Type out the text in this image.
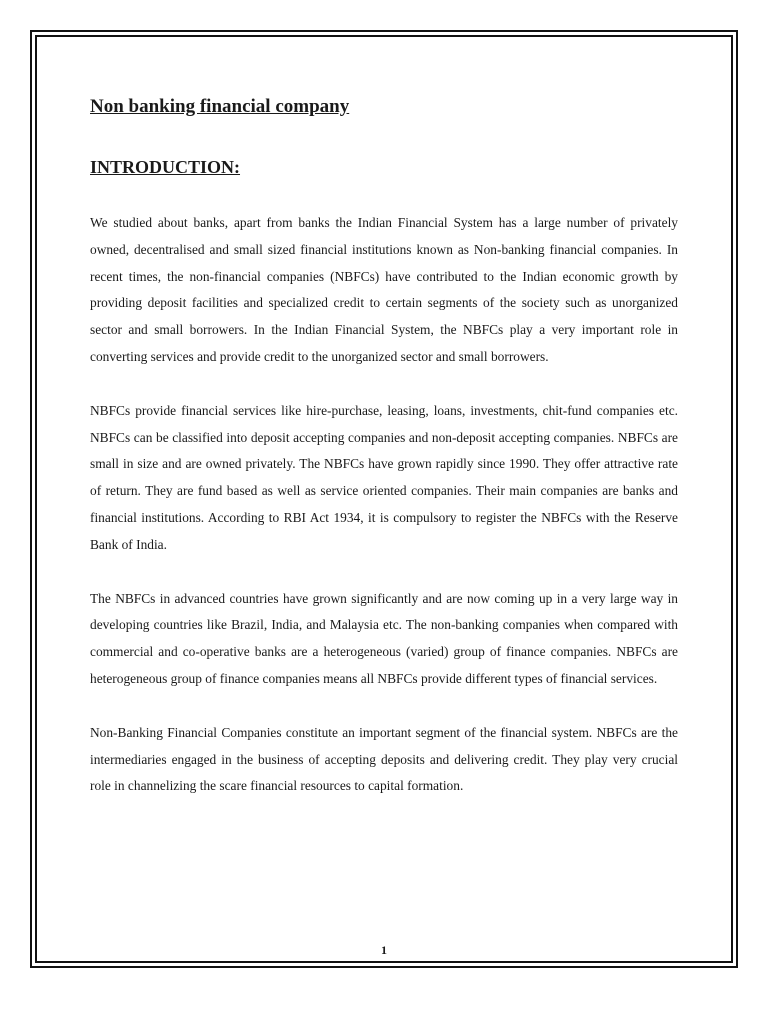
Non banking financial company
INTRODUCTION:

We studied about banks, apart from banks the Indian Financial System has a large number of privately owned, decentralised and small sized financial institutions known as Non-banking financial companies. In recent times, the non-financial companies (NBFCs) have contributed to the Indian economic growth by providing deposit facilities and specialized credit to certain segments of the society such as unorganized sector and small borrowers. In the Indian Financial System, the NBFCs play a very important role in converting services and provide credit to the unorganized sector and small borrowers.

NBFCs provide financial services like hire-purchase, leasing, loans, investments, chit-fund companies etc. NBFCs can be classified into deposit accepting companies and non-deposit accepting companies. NBFCs are small in size and are owned privately. The NBFCs have grown rapidly since 1990. They offer attractive rate of return. They are fund based as well as service oriented companies. Their main companies are banks and financial institutions. According to RBI Act 1934, it is compulsory to register the NBFCs with the Reserve Bank of India.

The NBFCs in advanced countries have grown significantly and are now coming up in a very large way in developing countries like Brazil, India, and Malaysia etc. The non-banking companies when compared with commercial and co-operative banks are a heterogeneous (varied) group of finance companies. NBFCs are heterogeneous group of finance companies means all NBFCs provide different types of financial services.

Non-Banking Financial Companies constitute an important segment of the financial system. NBFCs are the intermediaries engaged in the business of accepting deposits and delivering credit. They play very crucial role in channelizing the scare financial resources to capital formation.

1
